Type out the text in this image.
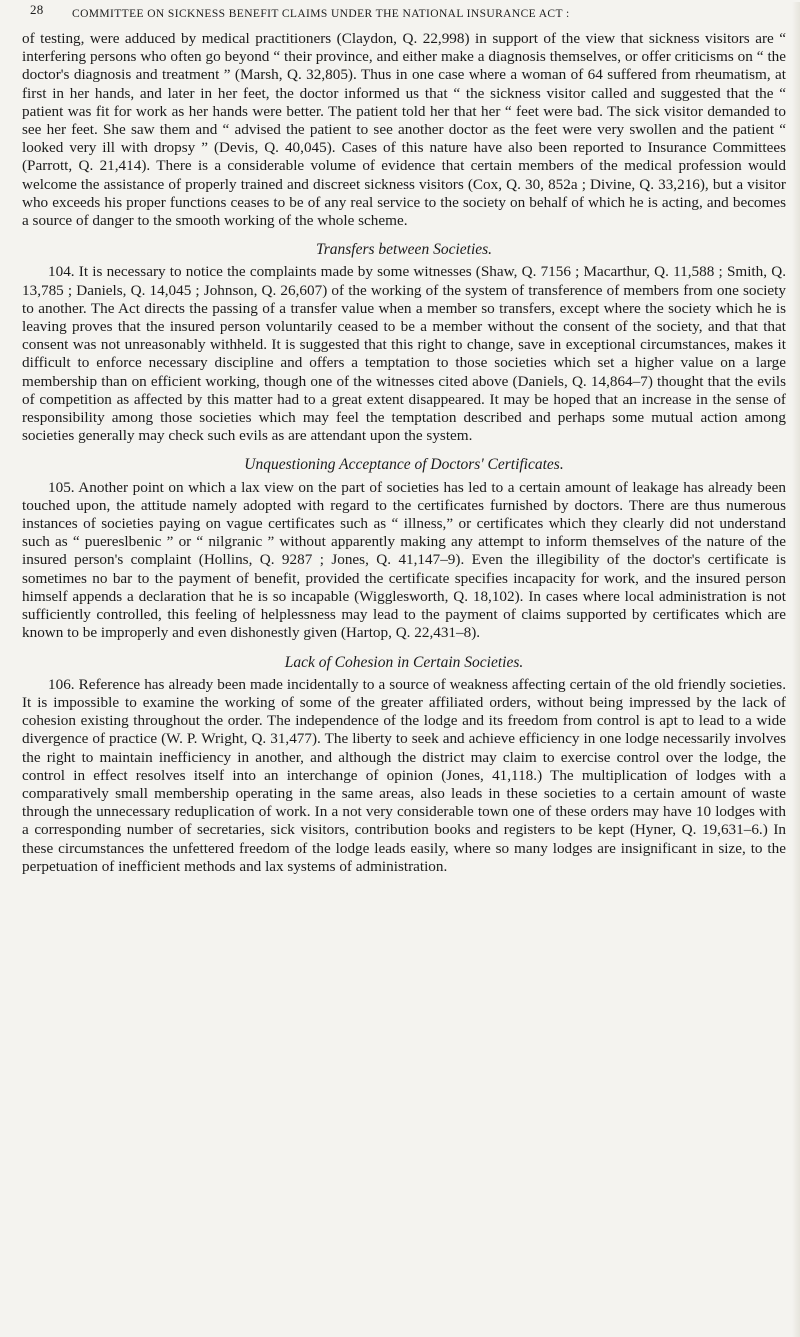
28 COMMITTEE ON SICKNESS BENEFIT CLAIMS UNDER THE NATIONAL INSURANCE ACT :

of testing, were adduced by medical practitioners (Claydon, Q. 22,998) in support of the view that sickness visitors are “ interfering persons who often go beyond “ their province, and either make a diagnosis themselves, or offer criticisms on “ the doctor's diagnosis and treatment ” (Marsh, Q. 32,805). Thus in one case where a woman of 64 suffered from rheumatism, at first in her hands, and later in her feet, the doctor informed us that “ the sickness visitor called and suggested that the “ patient was fit for work as her hands were better. The patient told her that her “ feet were bad. The sick visitor demanded to see her feet. She saw them and “ advised the patient to see another doctor as the feet were very swollen and the patient “ looked very ill with dropsy ” (Devis, Q. 40,045). Cases of this nature have also been reported to Insurance Committees (Parrott, Q. 21,414). There is a considerable volume of evidence that certain members of the medical profession would welcome the assistance of properly trained and discreet sickness visitors (Cox, Q. 30, 852a ; Divine, Q. 33,216), but a visitor who exceeds his proper functions ceases to be of any real service to the society on behalf of which he is acting, and becomes a source of danger to the smooth working of the whole scheme.

Transfers between Societies.

104. It is necessary to notice the complaints made by some witnesses (Shaw, Q. 7156 ; Macarthur, Q. 11,588 ; Smith, Q. 13,785 ; Daniels, Q. 14,045 ; Johnson, Q. 26,607) of the working of the system of transference of members from one society to another. The Act directs the passing of a transfer value when a member so transfers, except where the society which he is leaving proves that the insured person voluntarily ceased to be a member without the consent of the society, and that that consent was not unreasonably withheld. It is suggested that this right to change, save in exceptional circumstances, makes it difficult to enforce necessary discipline and offers a temptation to those societies which set a higher value on a large membership than on efficient working, though one of the witnesses cited above (Daniels, Q. 14,864–7) thought that the evils of competition as affected by this matter had to a great extent disappeared. It may be hoped that an increase in the sense of responsibility among those societies which may feel the temptation described and perhaps some mutual action among societies generally may check such evils as are attendant upon the system.

Unquestioning Acceptance of Doctors' Certificates.

105. Another point on which a lax view on the part of societies has led to a certain amount of leakage has already been touched upon, the attitude namely adopted with regard to the certificates furnished by doctors. There are thus numerous instances of societies paying on vague certificates such as “ illness,” or certificates which they clearly did not understand such as “ puereslbenic ” or “ nilgranic ” without apparently making any attempt to inform themselves of the nature of the insured person's complaint (Hollins, Q. 9287 ; Jones, Q. 41,147–9). Even the illegibility of the doctor's certificate is sometimes no bar to the payment of benefit, provided the certificate specifies incapacity for work, and the insured person himself appends a declaration that he is so incapable (Wigglesworth, Q. 18,102). In cases where local administration is not sufficiently controlled, this feeling of helplessness may lead to the payment of claims supported by certificates which are known to be improperly and even dishonestly given (Hartop, Q. 22,431–8).

Lack of Cohesion in Certain Societies.

106. Reference has already been made incidentally to a source of weakness affecting certain of the old friendly societies. It is impossible to examine the working of some of the greater affiliated orders, without being impressed by the lack of cohesion existing throughout the order. The independence of the lodge and its freedom from control is apt to lead to a wide divergence of practice (W. P. Wright, Q. 31,477). The liberty to seek and achieve efficiency in one lodge necessarily involves the right to maintain inefficiency in another, and although the district may claim to exercise control over the lodge, the control in effect resolves itself into an interchange of opinion (Jones, 41,118.) The multiplication of lodges with a comparatively small membership operating in the same areas, also leads in these societies to a certain amount of waste through the unnecessary reduplication of work. In a not very considerable town one of these orders may have 10 lodges with a corresponding number of secretaries, sick visitors, contribution books and registers to be kept (Hyner, Q. 19,631–6.) In these circumstances the unfettered freedom of the lodge leads easily, where so many lodges are insignificant in size, to the perpetuation of inefficient methods and lax systems of administration.
